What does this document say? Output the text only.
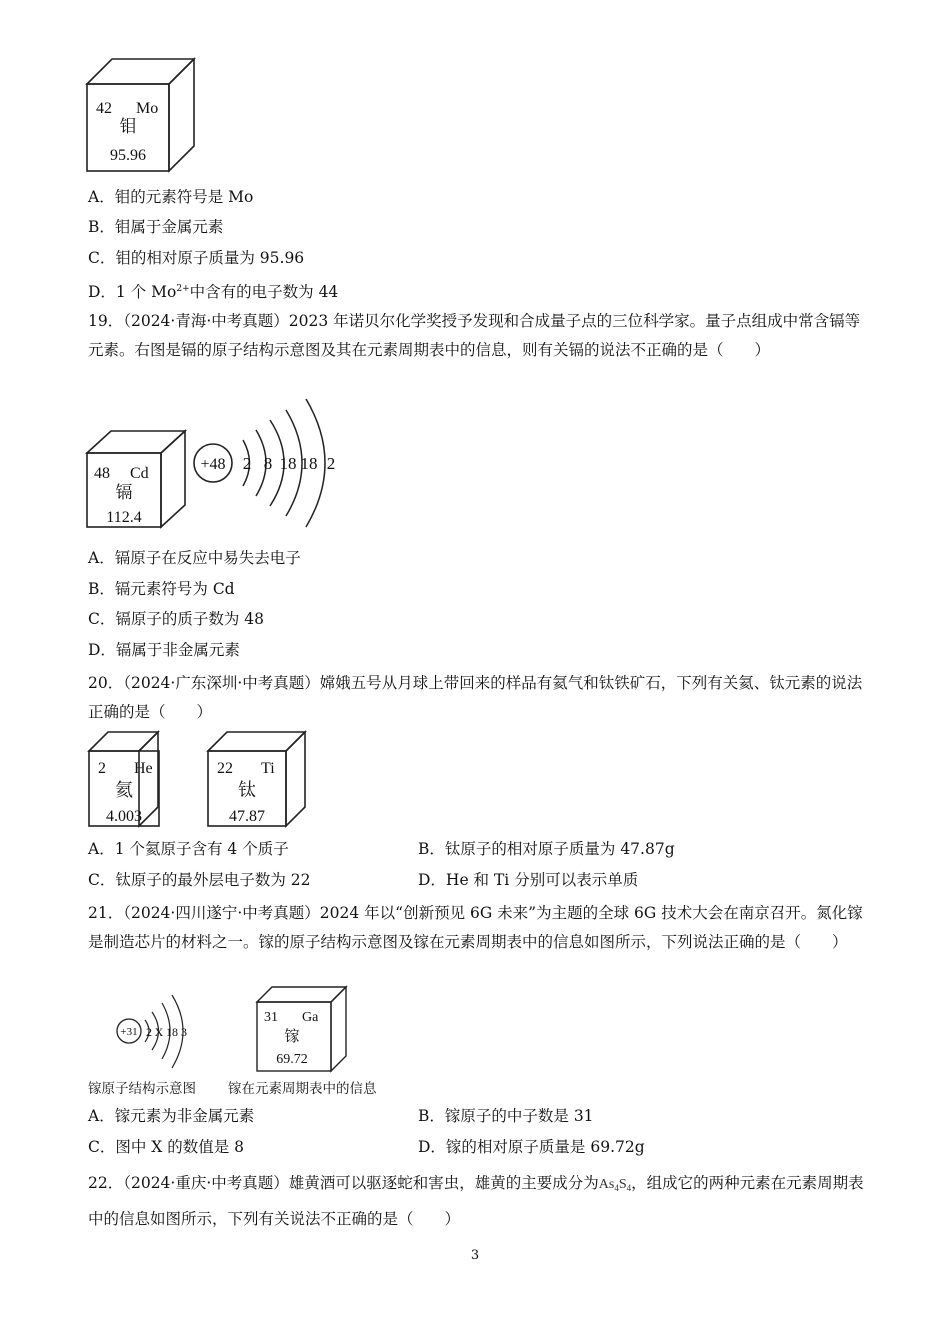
42 Mo
钼
95.96
A．钼的元素符号是 Mo
B．钼属于金属元素
C．钼的相对原子质量为 95.96
D．1 个 $Mo^{2+}$中含有的电子数为 44
19．（2024·青海·中考真题）2023 年诺贝尔化学奖授予发现和合成量子点的三位科学家。量子点组成中常含镉等元素。右图是镉的原子结构示意图及其在元素周期表中的信息，则有关镉的说法不正确的是（　　）
48 Cd
镉
112.4
+48 2 8 18 18 2
A．镉原子在反应中易失去电子
B．镉元素符号为 Cd
C．镉原子的质子数为 48
D．镉属于非金属元素
20．（2024·广东深圳·中考真题）嫦娥五号从月球上带回来的样品有氦气和钛铁矿石，下列有关氦、钛元素的说法正确的是（　　）
2 He
氦
4.003
22 Ti
钛
47.87
A．1 个氦原子含有 4 个质子	B．钛原子的相对原子质量为 47.87g
C．钛原子的最外层电子数为 22	D．He 和 Ti 分别可以表示单质
21．（2024·四川遂宁·中考真题）2024 年以“创新预见 6G 未来”为主题的全球 6G 技术大会在南京召开。氮化镓是制造芯片的材料之一。镓的原子结构示意图及镓在元素周期表中的信息如图所示，下列说法正确的是（　　）
+31 2 X 18 3
31 Ga
镓
69.72
镓原子结构示意图 镓在元素周期表中的信息
A．镓元素为非金属元素	B．镓原子的中子数是 31
C．图中 X 的数值是 8	D．镓的相对原子质量是 69.72g
22．（2024·重庆·中考真题）雄黄酒可以驱逐蛇和害虫，雄黄的主要成分为$As_4S_4$，组成它的两种元素在元素周期表中的信息如图所示，下列有关说法不正确的是（　　）
3
